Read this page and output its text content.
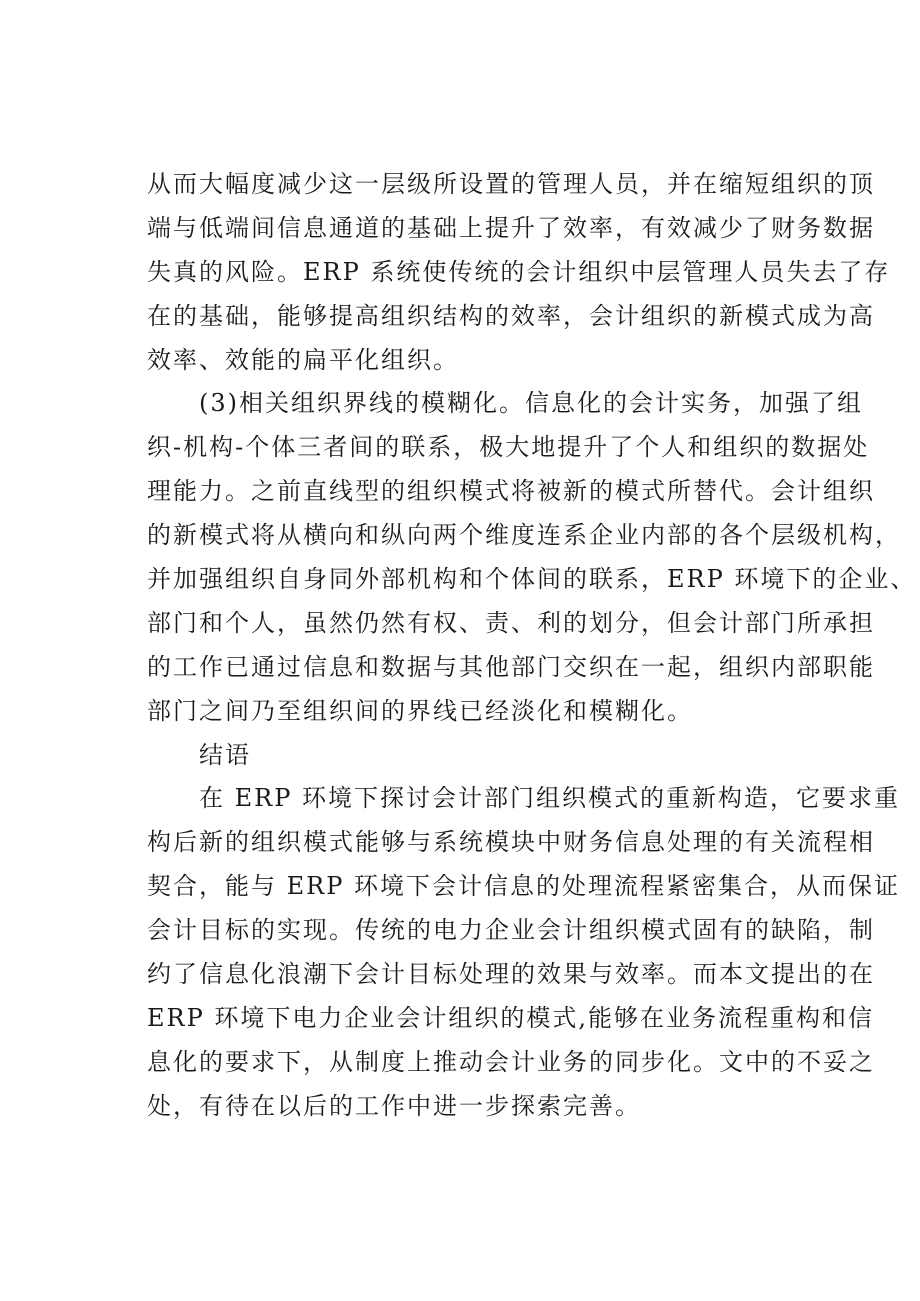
从而大幅度减少这一层级所设置的管理人员，并在缩短组织的顶
端与低端间信息通道的基础上提升了效率，有效减少了财务数据
失真的风险。ERP 系统使传统的会计组织中层管理人员失去了存
在的基础，能够提高组织结构的效率，会计组织的新模式成为高
效率、效能的扁平化组织。
(3)相关组织界线的模糊化。信息化的会计实务，加强了组
织-机构-个体三者间的联系，极大地提升了个人和组织的数据处
理能力。之前直线型的组织模式将被新的模式所替代。会计组织
的新模式将从横向和纵向两个维度连系企业内部的各个层级机构，
并加强组织自身同外部机构和个体间的联系，ERP 环境下的企业、
部门和个人，虽然仍然有权、责、利的划分，但会计部门所承担
的工作已通过信息和数据与其他部门交织在一起，组织内部职能
部门之间乃至组织间的界线已经淡化和模糊化。
结语
在 ERP 环境下探讨会计部门组织模式的重新构造，它要求重
构后新的组织模式能够与系统模块中财务信息处理的有关流程相
契合，能与 ERP 环境下会计信息的处理流程紧密集合，从而保证
会计目标的实现。传统的电力企业会计组织模式固有的缺陷，制
约了信息化浪潮下会计目标处理的效果与效率。而本文提出的在
ERP 环境下电力企业会计组织的模式,能够在业务流程重构和信
息化的要求下，从制度上推动会计业务的同步化。文中的不妥之
处，有待在以后的工作中进一步探索完善。
